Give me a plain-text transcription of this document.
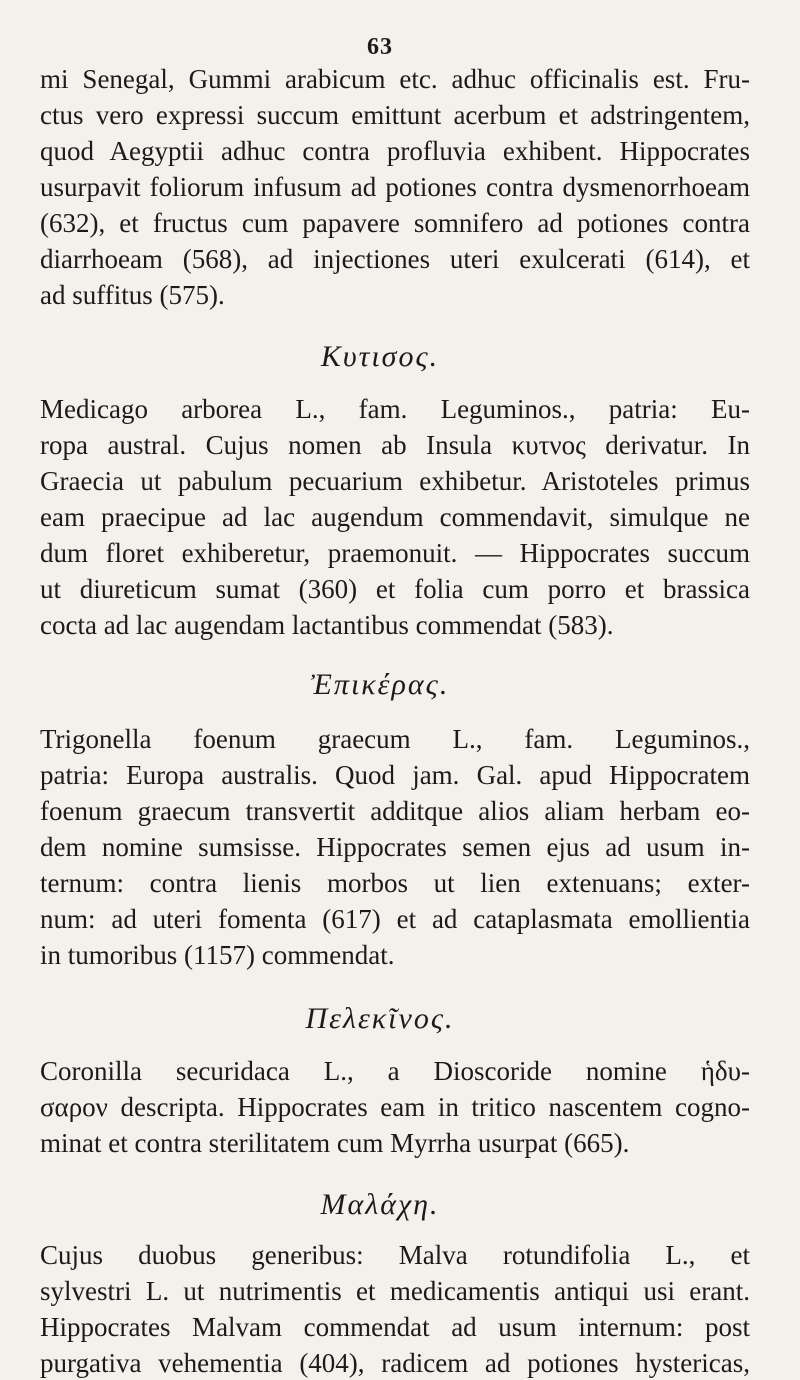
63
mi Senegal, Gummi arabicum etc. adhuc officinalis est. Fru-
ctus vero expressi succum emittunt acerbum et adstringentem,
quod Aegyptii adhuc contra profluvia exhibent. Hippocrates
usurpavit foliorum infusum ad potiones contra dysmenorrhoeam
(632), et fructus cum papavere somnifero ad potiones contra
diarrhoeam (568), ad injectiones uteri exulcerati (614), et
ad suffitus (575).
Κυτισος.
Medicago arborea L., fam. Leguminos., patria: Eu-
ropa austral. Cujus nomen ab Insula κυτνος derivatur. In
Graecia ut pabulum pecuarium exhibetur. Aristoteles primus
eam praecipue ad lac augendum commendavit, simulque ne
dum floret exhiberetur, praemonuit. — Hippocrates succum
ut diureticum sumat (360) et folia cum porro et brassica
cocta ad lac augendam lactantibus commendat (583).
Ἐπικέρας.
Trigonella foenum graecum L., fam. Leguminos.,
patria: Europa australis. Quod jam. Gal. apud Hippocratem
foenum graecum transvertit additque alios aliam herbam eo-
dem nomine sumsisse. Hippocrates semen ejus ad usum in-
ternum: contra lienis morbos ut lien extenuans; exter-
num: ad uteri fomenta (617) et ad cataplasmata emollientia
in tumoribus (1157) commendat.
Πελεκῖνος.
Coronilla securidaca L., a Dioscoride nomine ἡδυ-
σαρον descripta. Hippocrates eam in tritico nascentem cogno-
minat et contra sterilitatem cum Myrrha usurpat (665).
Μαλάχη.
Cujus duobus generibus: Malva rotundifolia L., et
sylvestri L. ut nutrimentis et medicamentis antiqui usi erant.
Hippocrates Malvam commendat ad usum internum: post
purgativa vehementia (404), radicem ad potiones hystericas,
